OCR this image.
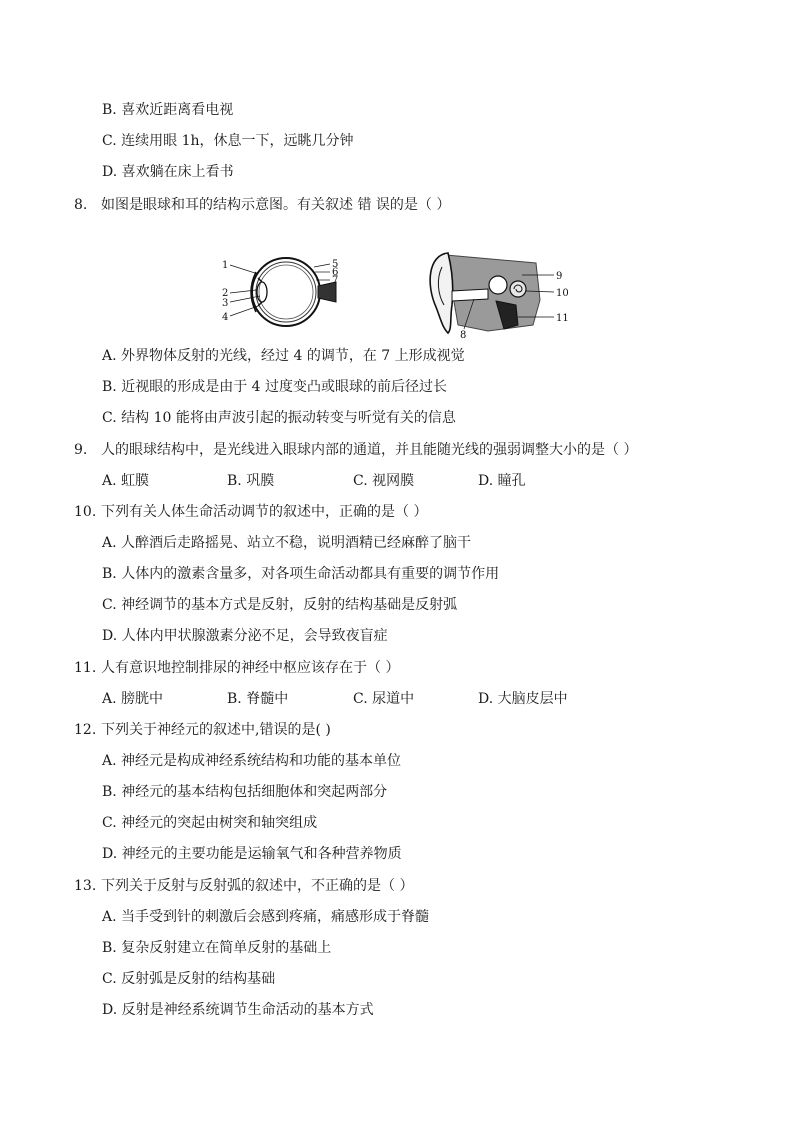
B. 喜欢近距离看电视
C. 连续用眼 1h，休息一下，远眺几分钟
D. 喜欢躺在床上看书
8. 如图是眼球和耳的结构示意图。有关叙述 错 误的是（ ）
1
2
3
4
5
6
7
8
9
10
11
A. 外界物体反射的光线，经过 4 的调节，在 7 上形成视觉
B. 近视眼的形成是由于 4 过度变凸或眼球的前后径过长
C. 结构 10 能将由声波引起的振动转变与听觉有关的信息
9. 人的眼球结构中，是光线进入眼球内部的通道，并且能随光线的强弱调整大小的是（ ）
A. 虹膜	B. 巩膜	C. 视网膜	D. 瞳孔
10. 下列有关人体生命活动调节的叙述中，正确的是（ ）
A. 人醉酒后走路摇晃、站立不稳，说明酒精已经麻醉了脑干
B. 人体内的激素含量多，对各项生命活动都具有重要的调节作用
C. 神经调节的基本方式是反射，反射的结构基础是反射弧
D. 人体内甲状腺激素分泌不足，会导致夜盲症
11. 人有意识地控制排尿的神经中枢应该存在于（ ）
A. 膀胱中	B. 脊髓中	C. 尿道中	D. 大脑皮层中
12. 下列关于神经元的叙述中,错误的是( )
A. 神经元是构成神经系统结构和功能的基本单位
B. 神经元的基本结构包括细胞体和突起两部分
C. 神经元的突起由树突和轴突组成
D. 神经元的主要功能是运输氧气和各种营养物质
13. 下列关于反射与反射弧的叙述中，不正确的是（ ）
A. 当手受到针的刺激后会感到疼痛，痛感形成于脊髓
B. 复杂反射建立在简单反射的基础上
C. 反射弧是反射的结构基础
D. 反射是神经系统调节生命活动的基本方式
